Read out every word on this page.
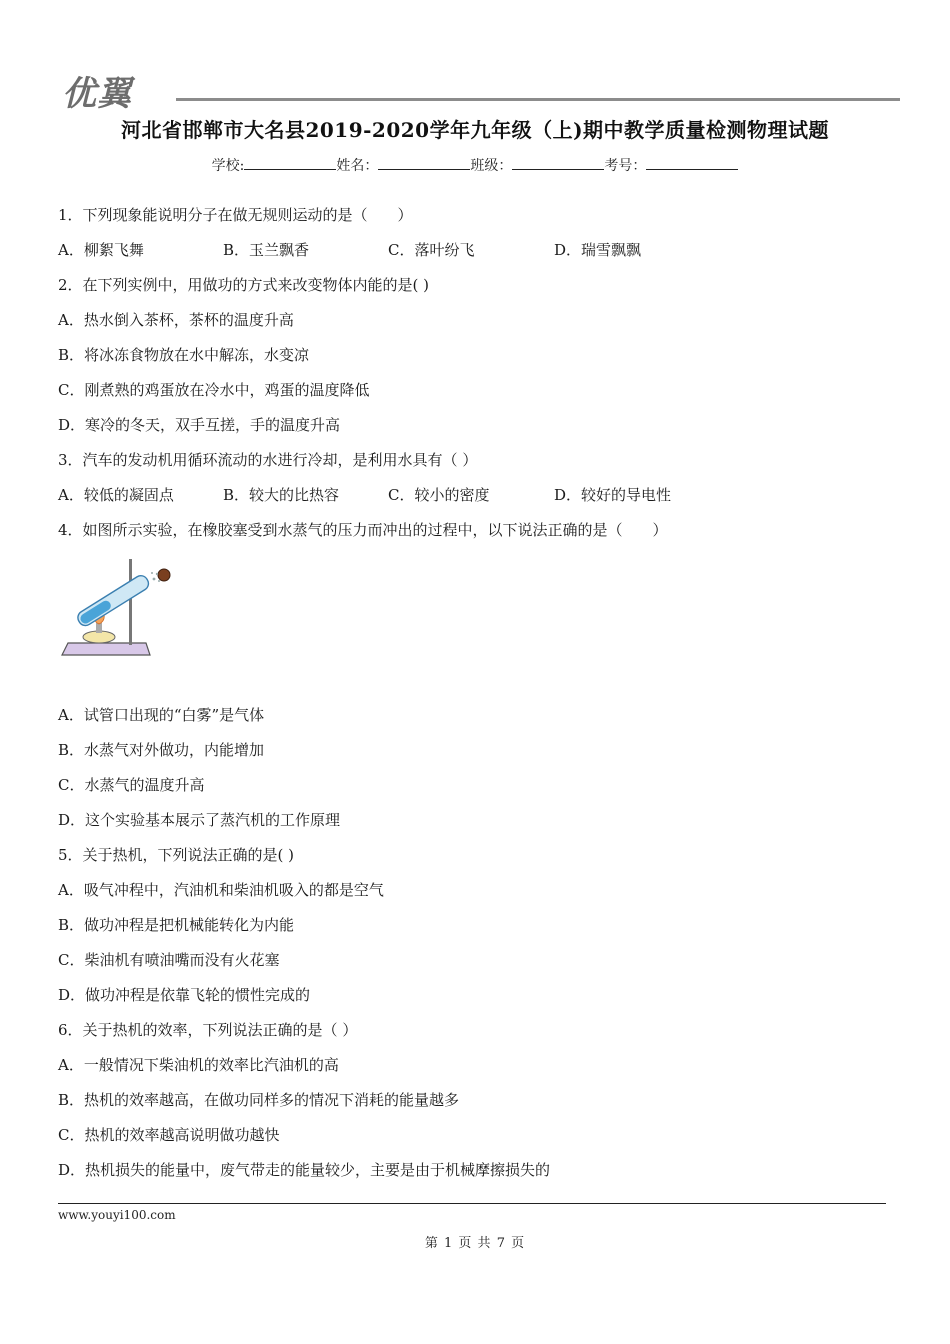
优翼
河北省邯郸市大名县2019-2020学年九年级（上)期中教学质量检测物理试题
学校:	姓名：	班级：	考号：
1．下列现象能说明分子在做无规则运动的是（　　）
A．柳絮飞舞	B．玉兰飘香	C．落叶纷飞	D．瑞雪飘飘
2．在下列实例中，用做功的方式来改变物体内能的是( )
A．热水倒入茶杯，茶杯的温度升高
B．将冰冻食物放在水中解冻，水变凉
C．刚煮熟的鸡蛋放在冷水中，鸡蛋的温度降低
D．寒冷的冬天，双手互搓，手的温度升高
3．汽车的发动机用循环流动的水进行冷却，是利用水具有（ ）
A．较低的凝固点	B．较大的比热容	C．较小的密度	D．较好的导电性
4．如图所示实验，在橡胶塞受到水蒸气的压力而冲出的过程中，以下说法正确的是（　　）
A．试管口出现的“白雾”是气体
B．水蒸气对外做功，内能增加
C．水蒸气的温度升高
D．这个实验基本展示了蒸汽机的工作原理
5．关于热机，下列说法正确的是( )
A．吸气冲程中，汽油机和柴油机吸入的都是空气
B．做功冲程是把机械能转化为内能
C．柴油机有喷油嘴而没有火花塞
D．做功冲程是依靠飞轮的惯性完成的
6．关于热机的效率，下列说法正确的是（ ）
A．一般情况下柴油机的效率比汽油机的高
B．热机的效率越高，在做功同样多的情况下消耗的能量越多
C．热机的效率越高说明做功越快
D．热机损失的能量中，废气带走的能量较少，主要是由于机械摩擦损失的
www.youyi100.com
第 1 页 共 7 页
